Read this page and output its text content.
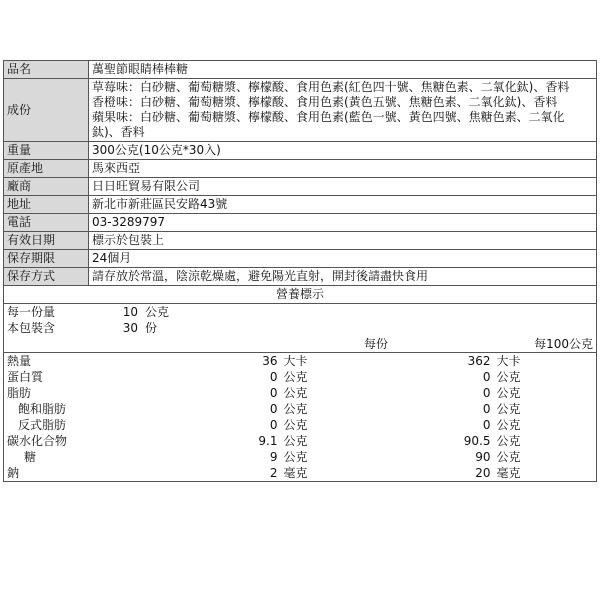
品名	萬聖節眼睛棒棒糖
成份	草莓味：白砂糖、葡萄糖漿、檸檬酸、食用色素(紅色四十號、焦糖色素、二氧化鈦)、香料
香橙味：白砂糖、葡萄糖漿、檸檬酸、食用色素(黃色五號、焦糖色素、二氧化鈦)、香料
蘋果味：白砂糖、葡萄糖漿、檸檬酸、食用色素(藍色一號、黃色四號、焦糖色素、二氧化鈦)、香料

重量	300公克(10公克*30入)
原產地	馬來西亞
廠商	日日旺貿易有限公司
地址	新北市新莊區民安路43號
電話	03-3289797
有效日期	標示於包裝上
保存期限	24個月
保存方式	請存放於常溫，陰涼乾燥處，避免陽光直射，開封後請盡快食用
營養標示	
每一份量	10	公克
本包裝含	30	份
	每份		每100公克	
熱量	36	大卡	362	大卡
蛋白質	0	公克	0	公克
脂肪	0	公克	0	公克
飽和脂肪	0	公克	0	公克
反式脂肪	0	公克	0	公克
碳水化合物	9.1	公克	90.5	公克
糖	9	公克	90	公克
鈉	2	毫克	20	毫克
